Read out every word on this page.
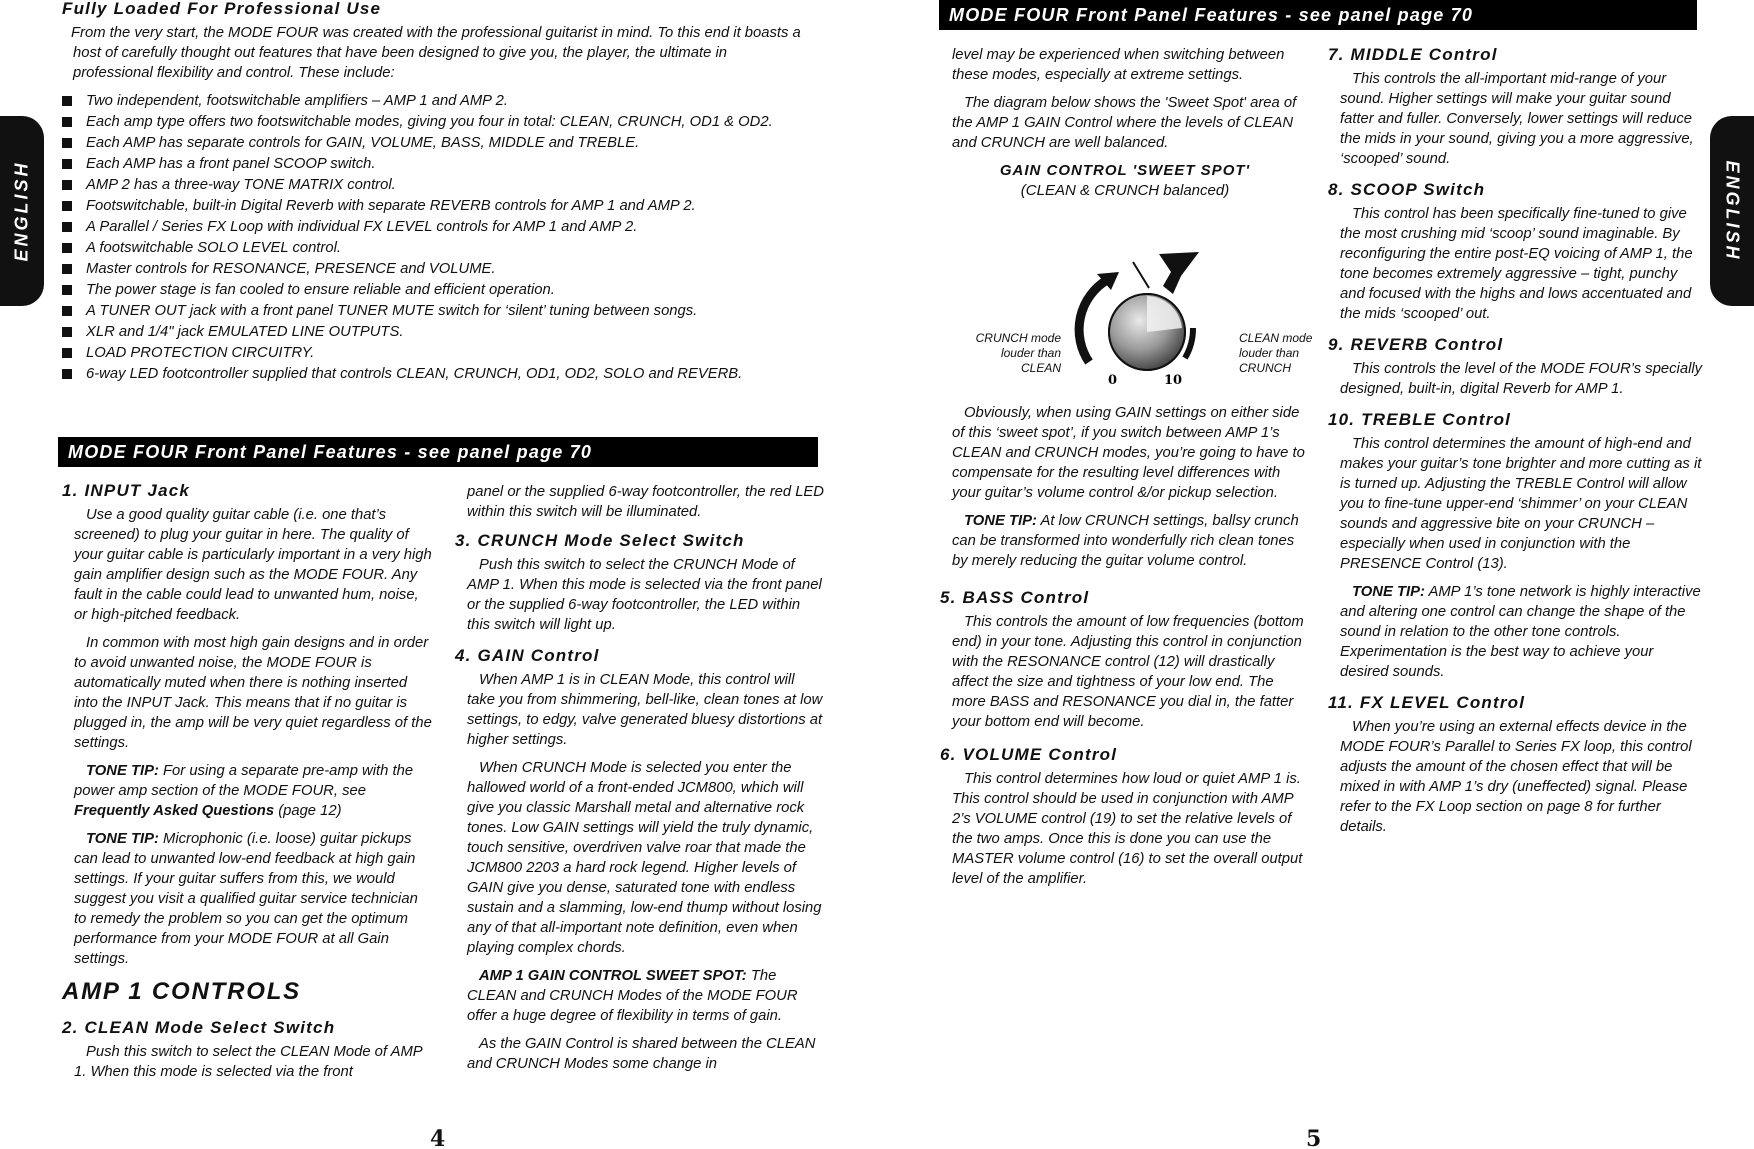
ENGLISH
Fully Loaded For Professional Use
From the very start, the MODE FOUR was created with the professional guitarist in mind. To this end it boasts a host of carefully thought out features that have been designed to give you, the player, the ultimate in professional flexibility and control. These include:
Two independent, footswitchable amplifiers – AMP 1 and AMP 2.
Each amp type offers two footswitchable modes, giving you four in total: CLEAN, CRUNCH, OD1 & OD2.
Each AMP has separate controls for GAIN, VOLUME, BASS, MIDDLE and TREBLE.
Each AMP has a front panel SCOOP switch.
AMP 2 has a three-way TONE MATRIX control.
Footswitchable, built-in Digital Reverb with separate REVERB controls for AMP 1 and AMP 2.
A Parallel / Series FX Loop with individual FX LEVEL controls for AMP 1 and AMP 2.
A footswitchable SOLO LEVEL control.
Master controls for RESONANCE, PRESENCE and VOLUME.
The power stage is fan cooled to ensure reliable and efficient operation.
A TUNER OUT jack with a front panel TUNER MUTE switch for ‘silent’ tuning between songs.
XLR and 1/4" jack EMULATED LINE OUTPUTS.
LOAD PROTECTION CIRCUITRY.
6-way LED footcontroller supplied that controls CLEAN, CRUNCH, OD1, OD2, SOLO and REVERB.
MODE FOUR Front Panel Features - see panel page 70
1. INPUT Jack

Use a good quality guitar cable (i.e. one that’s screened) to plug your guitar in here. The quality of your guitar cable is particularly important in a very high gain amplifier design such as the MODE FOUR. Any fault in the cable could lead to unwanted hum, noise, or high-pitched feedback.

In common with most high gain designs and in order to avoid unwanted noise, the MODE FOUR is automatically muted when there is nothing inserted into the INPUT Jack. This means that if no guitar is plugged in, the amp will be very quiet regardless of the settings.

TONE TIP: For using a separate pre-amp with the power amp section of the MODE FOUR, see Frequently Asked Questions (page 12)

TONE TIP: Microphonic (i.e. loose) guitar pickups can lead to unwanted low-end feedback at high gain settings. If your guitar suffers from this, we would suggest you visit a qualified guitar service technician to remedy the problem so you can get the optimum performance from your MODE FOUR at all Gain settings.

AMP 1 CONTROLS
2. CLEAN Mode Select Switch

Push this switch to select the CLEAN Mode of AMP 1. When this mode is selected via the front

panel or the supplied 6-way footcontroller, the red LED within this switch will be illuminated.

3. CRUNCH Mode Select Switch

Push this switch to select the CRUNCH Mode of AMP 1. When this mode is selected via the front panel or the supplied 6-way footcontroller, the LED within this switch will light up.

4. GAIN Control

When AMP 1 is in CLEAN Mode, this control will take you from shimmering, bell-like, clean tones at low settings, to edgy, valve generated bluesy distortions at higher settings.

When CRUNCH Mode is selected you enter the hallowed world of a front-ended JCM800, which will give you classic Marshall metal and alternative rock tones. Low GAIN settings will yield the truly dynamic, touch sensitive, overdriven valve roar that made the JCM800 2203 a hard rock legend. Higher levels of GAIN give you dense, saturated tone with endless sustain and a slamming, low-end thump without losing any of that all-important note definition, even when playing complex chords.

AMP 1 GAIN CONTROL SWEET SPOT: The CLEAN and CRUNCH Modes of the MODE FOUR offer a huge degree of flexibility in terms of gain.

As the GAIN Control is shared between the CLEAN and CRUNCH Modes some change in

4
MODE FOUR Front Panel Features - see panel page 70
ENGLISH

level may be experienced when switching between these modes, especially at extreme settings.

The diagram below shows the 'Sweet Spot' area of the AMP 1 GAIN Control where the levels of CLEAN and CRUNCH are well balanced.

GAIN CONTROL 'SWEET SPOT'
(CLEAN & CRUNCH balanced)
CRUNCH mode
louder than
CLEAN
0	10
CLEAN mode
louder than
CRUNCH

Obviously, when using GAIN settings on either side of this ‘sweet spot’, if you switch between AMP 1’s CLEAN and CRUNCH modes, you’re going to have to compensate for the resulting level differences with your guitar’s volume control &/or pickup selection.

TONE TIP: At low CRUNCH settings, ballsy crunch can be transformed into wonderfully rich clean tones by merely reducing the guitar volume control.

5. BASS Control

This controls the amount of low frequencies (bottom end) in your tone. Adjusting this control in conjunction with the RESONANCE control (12) will drastically affect the size and tightness of your low end. The more BASS and RESONANCE you dial in, the fatter your bottom end will become.

6. VOLUME Control

This control determines how loud or quiet AMP 1 is. This control should be used in conjunction with AMP 2’s VOLUME control (19) to set the relative levels of the two amps. Once this is done you can use the MASTER volume control (16) to set the overall output level of the amplifier.

7. MIDDLE Control

This controls the all-important mid-range of your sound. Higher settings will make your guitar sound fatter and fuller. Conversely, lower settings will reduce the mids in your sound, giving you a more aggressive, ‘scooped’ sound.

8. SCOOP Switch

This control has been specifically fine-tuned to give the most crushing mid ‘scoop’ sound imaginable. By reconfiguring the entire post-EQ voicing of AMP 1, the tone becomes extremely aggressive – tight, punchy and focused with the highs and lows accentuated and the mids ‘scooped’ out.

9. REVERB Control

This controls the level of the MODE FOUR’s specially designed, built-in, digital Reverb for AMP 1.

10. TREBLE Control

This control determines the amount of high-end and makes your guitar’s tone brighter and more cutting as it is turned up. Adjusting the TREBLE Control will allow you to fine-tune upper-end ‘shimmer’ on your CLEAN sounds and aggressive bite on your CRUNCH – especially when used in conjunction with the PRESENCE Control (13).

TONE TIP: AMP 1’s tone network is highly interactive and altering one control can change the shape of the sound in relation to the other tone controls. Experimentation is the best way to achieve your desired sounds.

11. FX LEVEL Control

When you’re using an external effects device in the MODE FOUR’s Parallel to Series FX loop, this control adjusts the amount of the chosen effect that will be mixed in with AMP 1’s dry (uneffected) signal. Please refer to the FX Loop section on page 8 for further details.

5
